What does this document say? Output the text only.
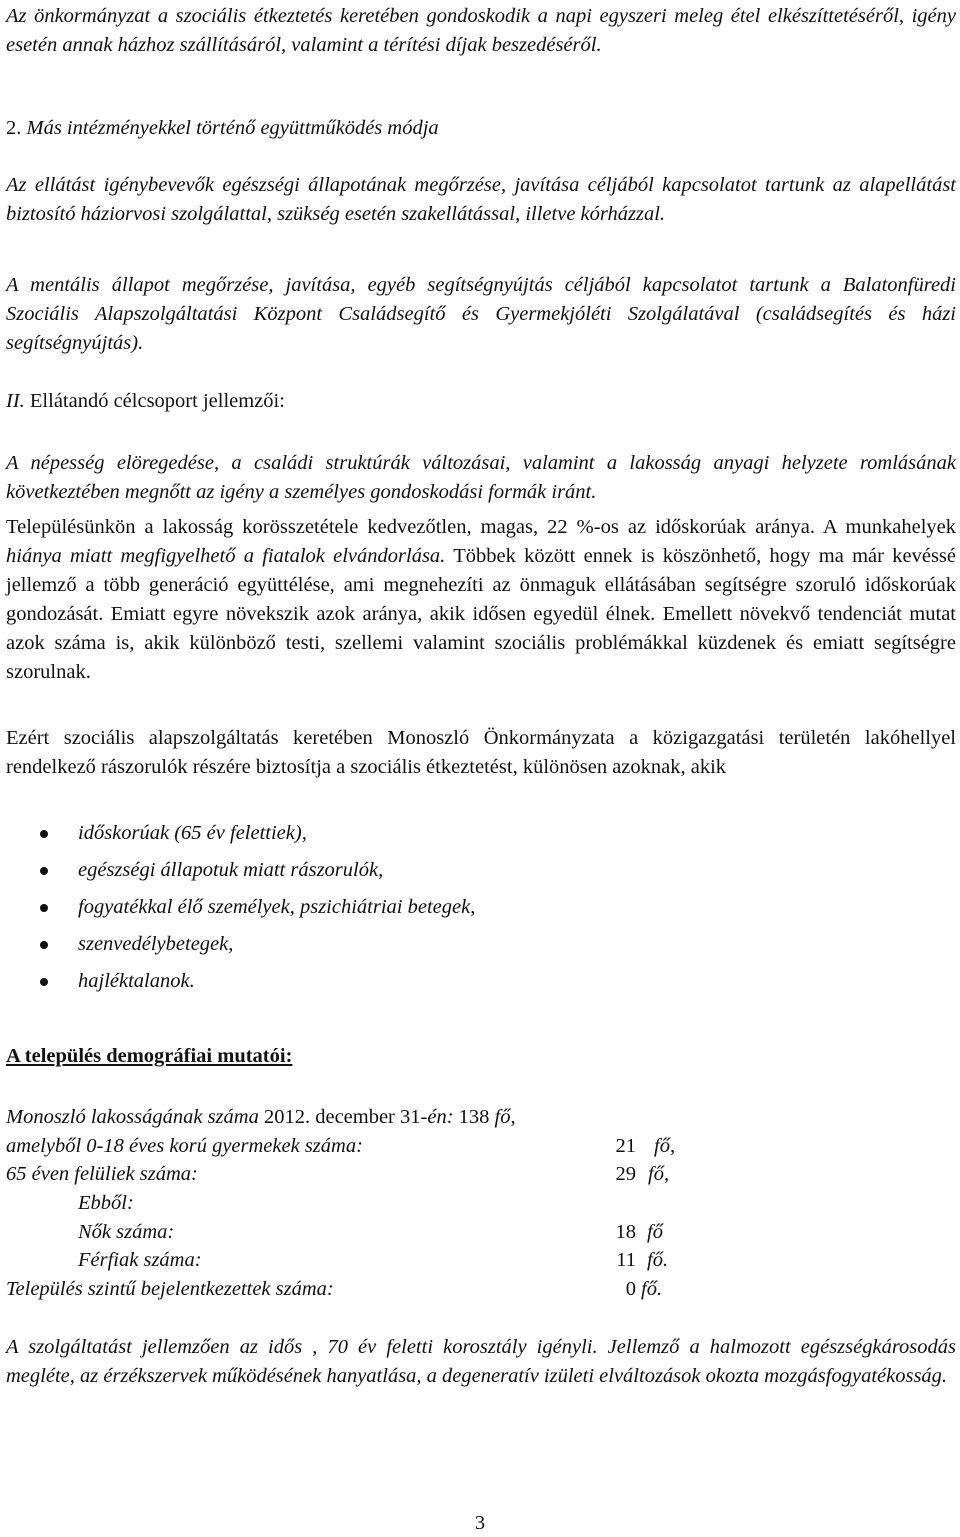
Az önkormányzat a szociális étkeztetés keretében gondoskodik a napi egyszeri meleg étel elkészíttetéséről, igény esetén annak házhoz szállításáról, valamint a térítési díjak beszedéséről.

2. Más intézményekkel történő együttműködés módja

Az ellátást igénybevevők egészségi állapotának megőrzése, javítása céljából kapcsolatot tartunk az alapellátást biztosító háziorvosi szolgálattal, szükség esetén szakellátással, illetve kórházzal.

A mentális állapot megőrzése, javítása, egyéb segítségnyújtás céljából kapcsolatot tartunk a Balatonfüredi Szociális Alapszolgáltatási Központ Családsegítő és Gyermekjóléti Szolgálatával (családsegítés és házi segítségnyújtás).

II. Ellátandó célcsoport jellemzői:

A népesség elöregedése, a családi struktúrák változásai, valamint a lakosság anyagi helyzete romlásának következtében megnőtt az igény a személyes gondoskodási formák iránt.

Településünkön a lakosság korösszetétele kedvezőtlen, magas, 22 %-os az időskorúak aránya. A munkahelyek hiánya miatt megfigyelhető a fiatalok elvándorlása. Többek között ennek is köszönhető, hogy ma már kevéssé jellemző a több generáció együttélése, ami megnehezíti az önmaguk ellátásában segítségre szoruló időskorúak gondozását. Emiatt egyre növekszik azok aránya, akik idősen egyedül élnek. Emellett növekvő tendenciát mutat azok száma is, akik különböző testi, szellemi valamint szociális problémákkal küzdenek és emiatt segítségre szorulnak.

Ezért szociális alapszolgáltatás keretében Monoszló Önkormányzata a közigazgatási területén lakóhellyel rendelkező rászorulók részére biztosítja a szociális étkeztetést, különösen azoknak, akik

időskorúak (65 év felettiek),
egészségi állapotuk miatt rászorulók,
fogyatékkal élő személyek, pszichiátriai betegek,
szenvedélybetegek,
hajléktalanok.

A település demográfiai mutatói:

Monoszló lakosságának száma 2012. december 31-én: 138 fő,
amelyből 0-18 éves korú gyermekek száma:	21 fő,
65 éven felüliek száma:	29 fő,
Ebből:
Nők száma:	18 fő
Férfiak száma:	11 fő.
Település szintű bejelentkezettek száma:	0 fő.

A szolgáltatást jellemzően az idős , 70 év feletti korosztály igényli. Jellemző a halmozott egészségkárosodás megléte, az érzékszervek működésének hanyatlása, a degeneratív izületi elváltozások okozta mozgásfogyatékosság.

3
